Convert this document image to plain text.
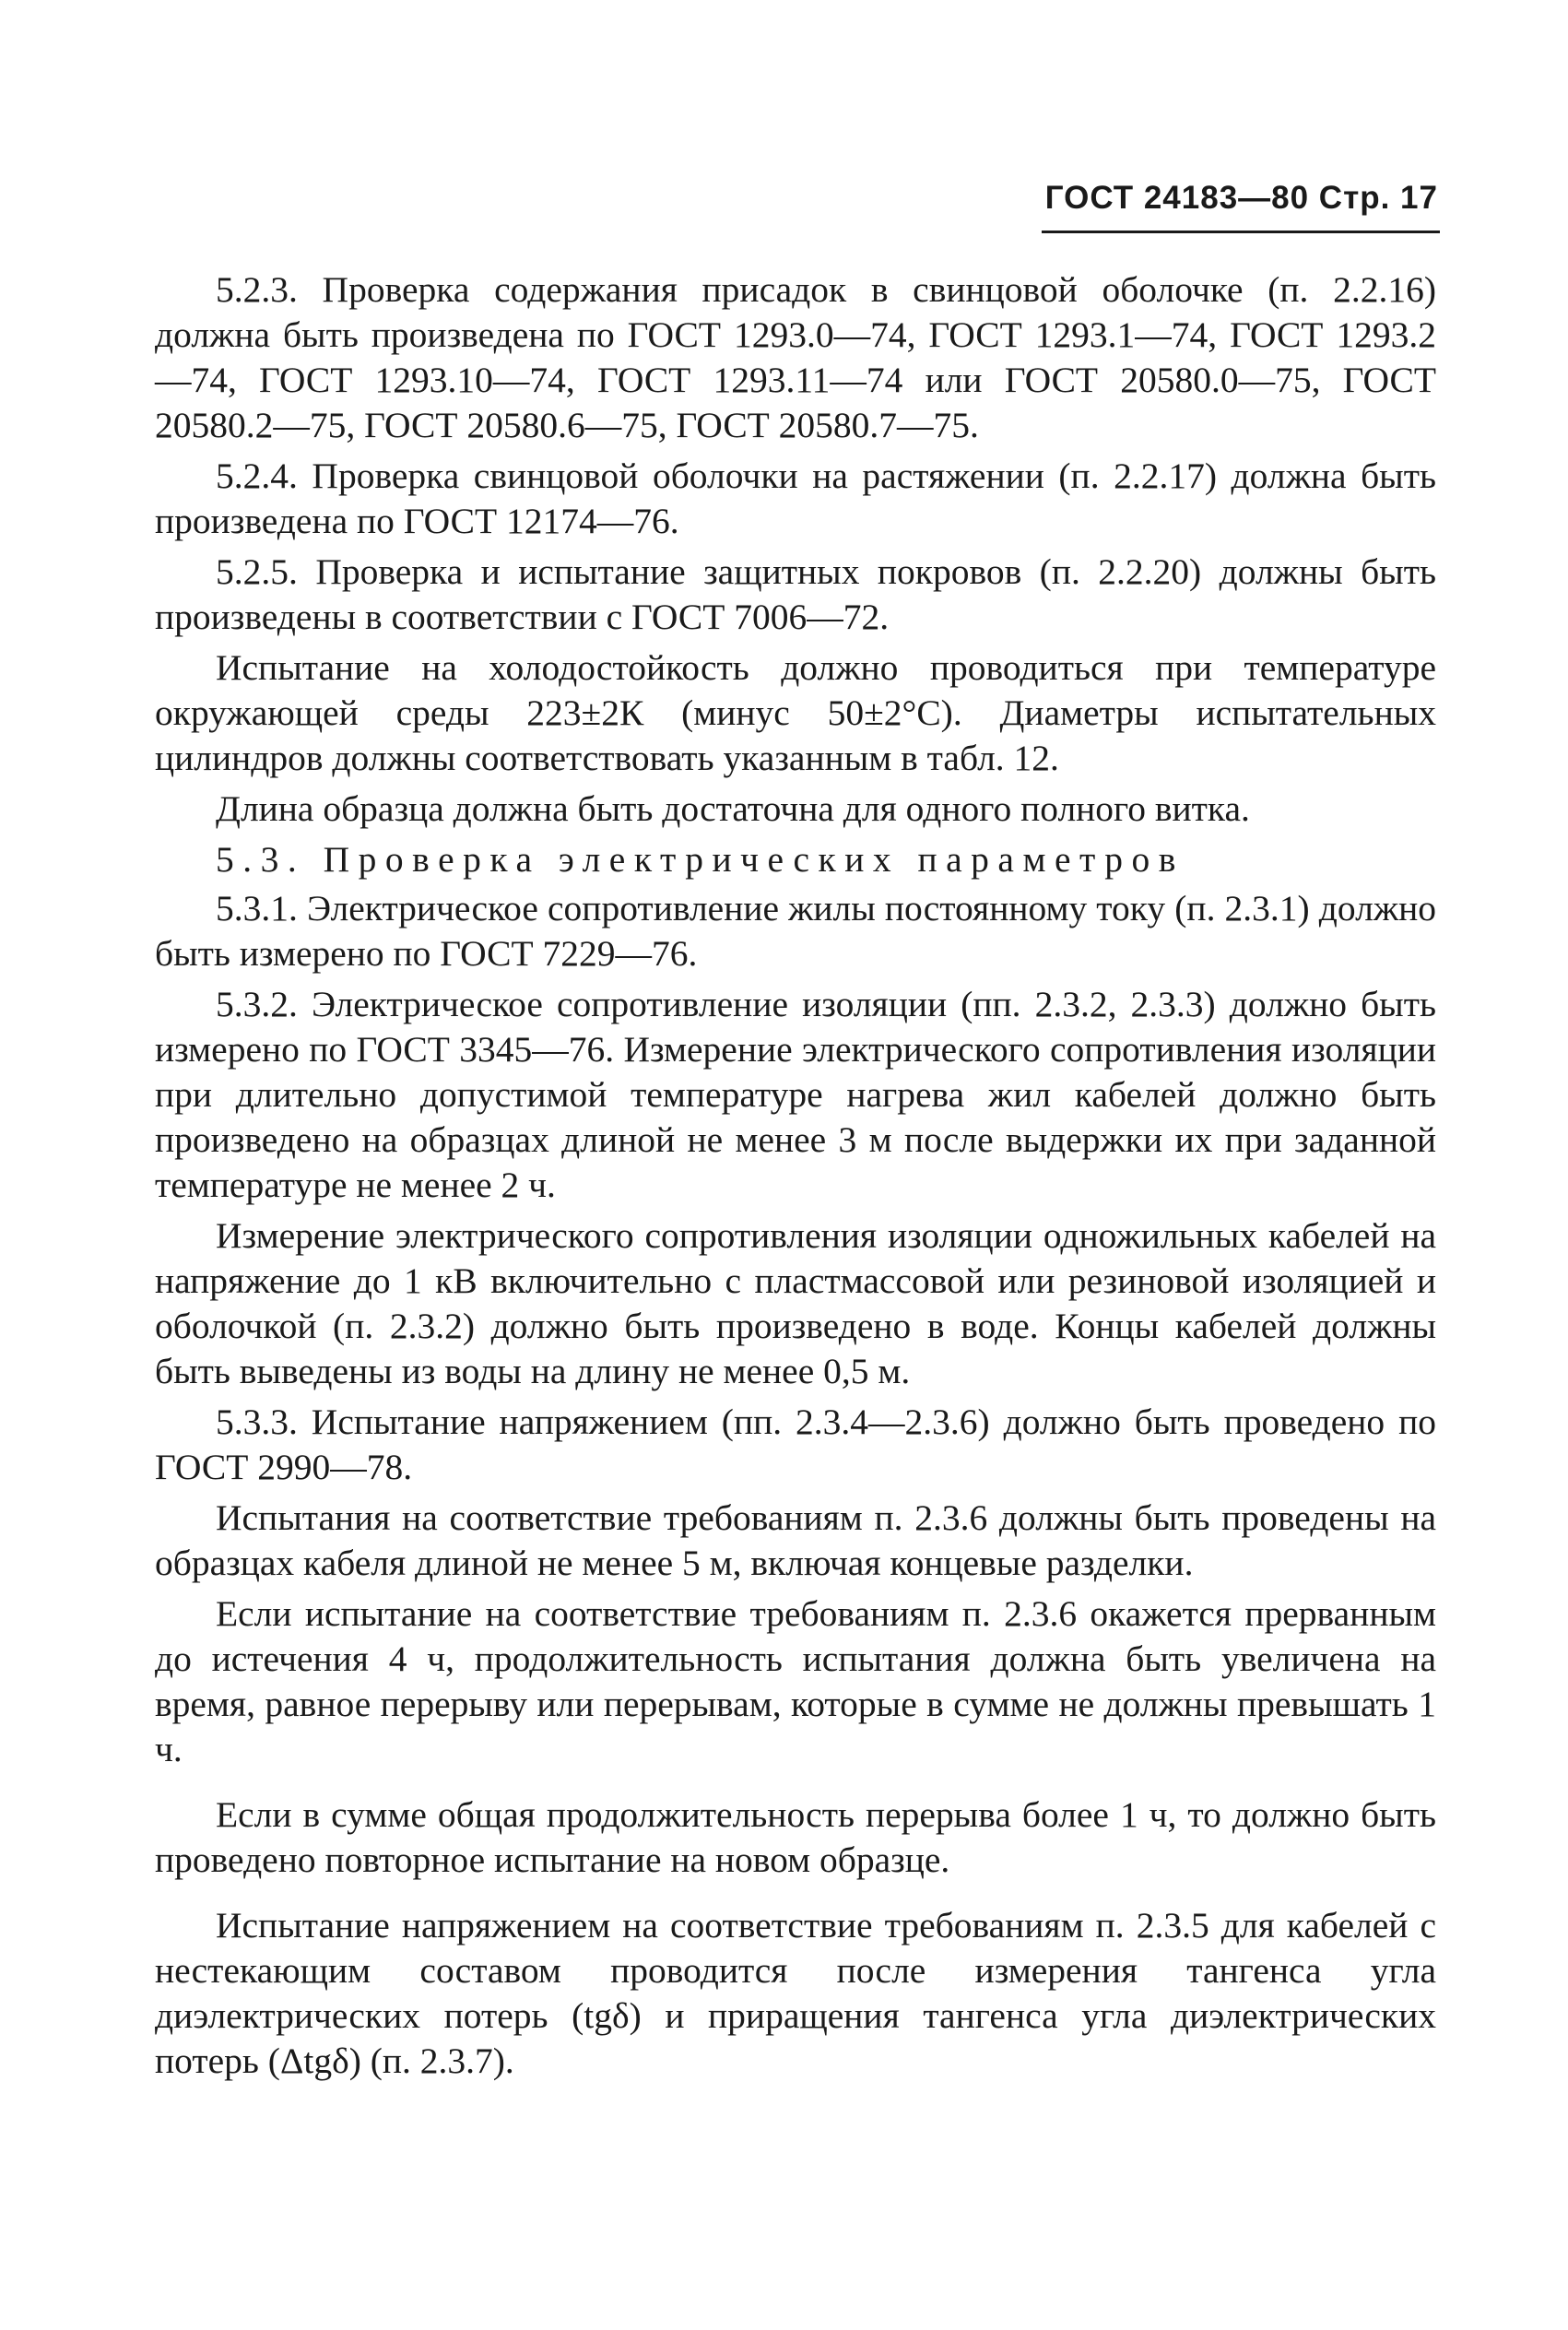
ГОСТ 24183—80 Стр. 17

5.2.3. Проверка содержания присадок в свинцовой оболочке (п. 2.2.16) должна быть произведена по ГОСТ 1293.0—74, ГОСТ 1293.1—74, ГОСТ 1293.2—74, ГОСТ 1293.10—74, ГОСТ 1293.11—74 или ГОСТ 20580.0—75, ГОСТ 20580.2—75, ГОСТ 20580.6—75, ГОСТ 20580.7—75.

5.2.4. Проверка свинцовой оболочки на растяжении (п. 2.2.17) должна быть произведена по ГОСТ 12174—76.

5.2.5. Проверка и испытание защитных покровов (п. 2.2.20) должны быть произведены в соответствии с ГОСТ 7006—72.

Испытание на холодостойкость должно проводиться при температуре окружающей среды 223±2К (минус 50±2°С). Диаметры испытательных цилиндров должны соответствовать указанным в табл. 12.

Длина образца должна быть достаточна для одного полного витка.

5.3. Проверка электрических параметров

5.3.1. Электрическое сопротивление жилы постоянному току (п. 2.3.1) должно быть измерено по ГОСТ 7229—76.

5.3.2. Электрическое сопротивление изоляции (пп. 2.3.2, 2.3.3) должно быть измерено по ГОСТ 3345—76. Измерение электрического сопротивления изоляции при длительно допустимой температуре нагрева жил кабелей должно быть произведено на образцах длиной не менее 3 м после выдержки их при заданной температуре не менее 2 ч.

Измерение электрического сопротивления изоляции одножильных кабелей на напряжение до 1 кВ включительно с пластмассовой или резиновой изоляцией и оболочкой (п. 2.3.2) должно быть произведено в воде. Концы кабелей должны быть выведены из воды на длину не менее 0,5 м.

5.3.3. Испытание напряжением (пп. 2.3.4—2.3.6) должно быть проведено по ГОСТ 2990—78.

Испытания на соответствие требованиям п. 2.3.6 должны быть проведены на образцах кабеля длиной не менее 5 м, включая концевые разделки.

Если испытание на соответствие требованиям п. 2.3.6 окажется прерванным до истечения 4 ч, продолжительность испытания должна быть увеличена на время, равное перерыву или перерывам, которые в сумме не должны превышать 1 ч.

Если в сумме общая продолжительность перерыва более 1 ч, то должно быть проведено повторное испытание на новом образце.

Испытание напряжением на соответствие требованиям п. 2.3.5 для кабелей с нестекающим составом проводится после измерения тангенса угла диэлектрических потерь (tgδ) и приращения тангенса угла диэлектрических потерь (Δtgδ) (п. 2.3.7).
